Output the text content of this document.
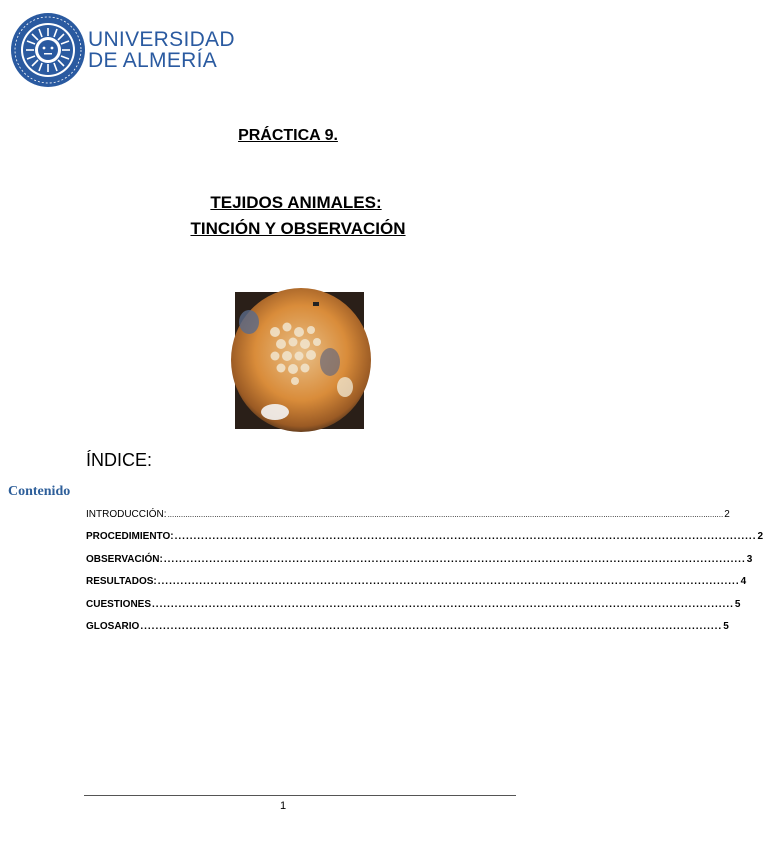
UNIVERSIDAD
DE ALMERÍA
PRÁCTICA 9.
TEJIDOS ANIMALES:
TINCIÓN Y OBSERVACIÓN
ÍNDICE:
Contenido
INTRODUCCIÓN: .......................................................................................................................................................................................................................................................... 2
PROCEDIMIENTO: .......................................................................................................................................................... 2
OBSERVACIÓN: .......................................................................................................................................................... 3
RESULTADOS: .......................................................................................................................................................... 4
CUESTIONES .......................................................................................................................................................... 5
GLOSARIO .......................................................................................................................................................... 5
1
